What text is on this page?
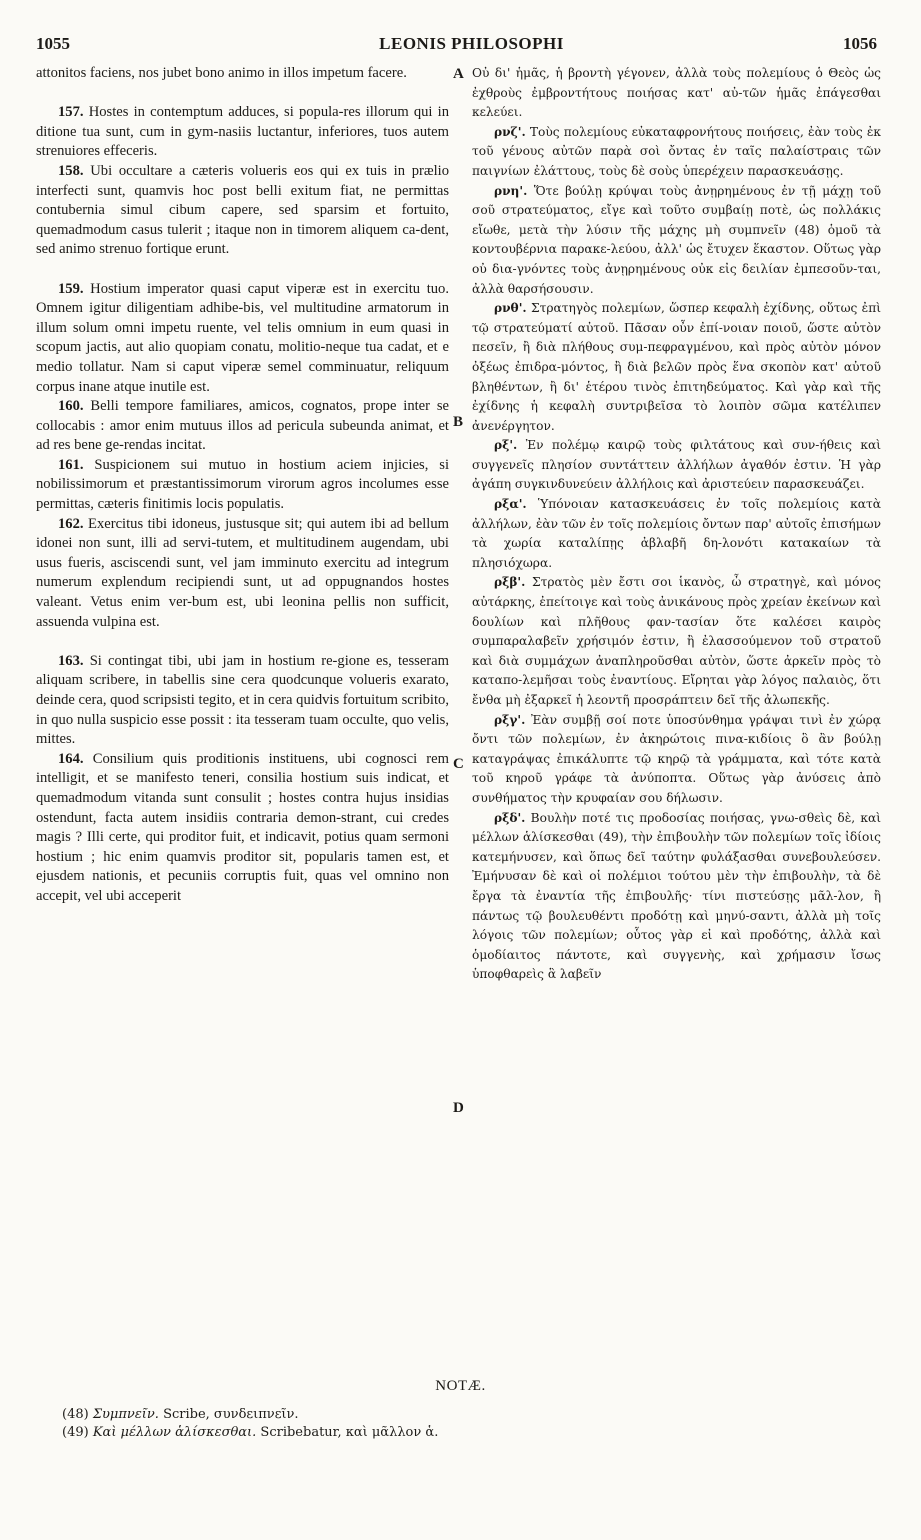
1055	LEONIS PHILOSOPHI	1056

attonitos faciens, nos jubet bono animo in illos impetum facere.

157. Hostes in contemptum adduces, si popula-res illorum qui in ditione tua sunt, cum in gym-nasiis luctantur, inferiores, tuos autem strenuiores effeceris.

158. Ubi occultare a cæteris volueris eos qui ex tuis in prælio interfecti sunt, quamvis hoc post belli exitum fiat, ne permittas contubernia simul cibum capere, sed sparsim et fortuito, quemadmodum casus tulerit ; itaque non in timorem aliquem ca-dent, sed animo strenuo fortique erunt.

159. Hostium imperator quasi caput viperæ est in exercitu tuo. Omnem igitur diligentiam adhibe-bis, vel multitudine armatorum in illum solum omni impetu ruente, vel telis omnium in eum quasi in scopum jactis, aut alio quopiam conatu, molitio-neque tua cadat, et e medio tollatur. Nam si caput viperæ semel comminuatur, reliquum corpus inane atque inutile est.

160. Belli tempore familiares, amicos, cognatos, prope inter se collocabis : amor enim mutuus illos ad pericula subeunda animat, et ad res bene ge-rendas incitat.

161. Suspicionem sui mutuo in hostium aciem injicies, si nobilissimorum et præstantissimorum virorum agros incolumes esse permittas, cæteris finitimis locis populatis.

162. Exercitus tibi idoneus, justusque sit; qui autem ibi ad bellum idonei non sunt, illi ad servi-tutem, et multitudinem augendam, ubi usus fueris, asciscendi sunt, vel jam imminuto exercitu ad integrum numerum explendum recipiendi sunt, ut ad oppugnandos hostes valeant. Vetus enim ver-bum est, ubi leonina pellis non sufficit, assuenda vulpina est.

163. Si contingat tibi, ubi jam in hostium re-gione es, tesseram aliquam scribere, in tabellis sine cera quodcunque volueris exarato, deinde cera, quod scripsisti tegito, et in cera quidvis fortuitum scribito, in quo nulla suspicio esse possit : ita tesseram tuam occulte, quo velis, mittes.

164. Consilium quis proditionis instituens, ubi cognosci rem intelligit, et se manifesto teneri, consilia hostium suis indicat, et quemadmodum vitanda sunt consulit ; hostes contra hujus insidias ostendunt, facta autem insidiis contraria demon-strant, cui credes magis ? Illi certe, qui proditor fuit, et indicavit, potius quam sermoni hostium ; hic enim quamvis proditor sit, popularis tamen est, et ejusdem nationis, et pecuniis corruptis fuit, quas vel omnino non accepit, vel ubi acceperit

A
B
C
D

Οὐ δι' ἡμᾶς, ἡ βροντὴ γέγονεν, ἀλλὰ τοὺς πολεμίους ὁ Θεὸς ὡς ἐχθροὺς ἐμβροντήτους ποιήσας κατ' αὐ-τῶν ἡμᾶς ἐπάγεσθαι κελεύει.

ρνζ'. Τοὺς πολεμίους εὐκαταφρονήτους ποιήσεις, ἐὰν τοὺς ἐκ τοῦ γένους αὐτῶν παρὰ σοὶ ὄντας ἐν ταῖς παλαίστραις τῶν παιγνίων ἐλάττους, τοὺς δὲ σοὺς ὑπερέχειν παρασκευάσῃς.

ρνη'. Ὅτε βούλῃ κρύψαι τοὺς ἀνῃρημένους ἐν τῇ μάχῃ τοῦ σοῦ στρατεύματος, εἴγε καὶ τοῦτο συμβαίῃ ποτὲ, ὡς πολλάκις εἴωθε, μετὰ τὴν λύσιν τῆς μάχης μὴ συμπνεῖν (48) ὁμοῦ τὰ κοντουβέρνια παρακε-λεύου, ἀλλ' ὡς ἔτυχεν ἕκαστον. Οὕτως γὰρ οὐ δια-γνόντες τοὺς ἀνῃρημένους οὐκ εἰς δειλίαν ἐμπεσοῦν-ται, ἀλλὰ θαρσήσουσιν.

ρνθ'. Στρατηγὸς πολεμίων, ὥσπερ κεφαλὴ ἐχίδνης, οὕτως ἐπὶ τῷ στρατεύματί αὐτοῦ. Πᾶσαν οὖν ἐπί-νοιαν ποιοῦ, ὥστε αὐτὸν πεσεῖν, ἢ διὰ πλήθους συμ-πεφραγμένου, καὶ πρὸς αὐτὸν μόνον ὀξέως ἐπιδρα-μόντος, ἢ διὰ βελῶν πρὸς ἕνα σκοπὸν κατ' αὐτοῦ βληθέντων, ἢ δι' ἑτέρου τινὸς ἐπιτηδεύματος. Καὶ γὰρ καὶ τῆς ἐχίδνης ἡ κεφαλὴ συντριβεῖσα τὸ λοιπὸν σῶμα κατέλιπεν ἀνενέργητον.

ρξ'. Ἐν πολέμῳ καιρῷ τοὺς φιλτάτους καὶ συν-ήθεις καὶ συγγενεῖς πλησίον συντάττειν ἀλλήλων ἀγαθόν ἐστιν. Ἡ γὰρ ἀγάπη συγκινδυνεύειν ἀλλήλοις καὶ ἀριστεύειν παρασκευάζει.

ρξα'. Ὑπόνοιαν κατασκευάσεις ἐν τοῖς πολεμίοις κατὰ ἀλλήλων, ἐὰν τῶν ἐν τοῖς πολεμίοις ὄντων παρ' αὐτοῖς ἐπισήμων τὰ χωρία καταλίπῃς ἀβλαβῆ δη-λονότι κατακαίων τὰ πλησιόχωρα.

ρξβ'. Στρατὸς μὲν ἔστι σοι ἱκανὸς, ὦ στρατηγὲ, καὶ μόνος αὐτάρκης, ἐπείτοιγε καὶ τοὺς ἀνικάνους πρὸς χρείαν ἐκείνων καὶ δουλίων καὶ πλῆθους φαν-τασίαν ὅτε καλέσει καιρὸς συμπαραλαβεῖν χρήσιμόν ἐστιν, ἢ ἐλασσούμενον τοῦ στρατοῦ καὶ διὰ συμμάχων ἀναπληροῦσθαι αὐτὸν, ὥστε ἀρκεῖν πρὸς τὸ καταπο-λεμῆσαι τοὺς ἐναντίους. Εἴρηται γὰρ λόγος παλαιὸς, ὅτι ἔνθα μὴ ἐξαρκεῖ ἡ λεοντῆ προσράπτειν δεῖ τῆς ἀλωπεκῆς.

ρξγ'. Ἐὰν συμβῇ σοί ποτε ὑποσύνθημα γράψαι τινὶ ἐν χώρᾳ ὄντι τῶν πολεμίων, ἐν ἀκηρώτοις πινα-κιδίοις ὃ ἂν βούλῃ καταγράψας ἐπικάλυπτε τῷ κηρῷ τὰ γράμματα, καὶ τότε κατὰ τοῦ κηροῦ γράφε τὰ ἀνύποπτα. Οὕτως γὰρ ἀνύσεις ἀπὸ συνθήματος τὴν κρυφαίαν σου δήλωσιν.

ρξδ'. Βουλὴν ποτέ τις προδοσίας ποιήσας, γνω-σθεὶς δὲ, καὶ μέλλων ἁλίσκεσθαι (49), τὴν ἐπιβουλὴν τῶν πολεμίων τοῖς ἰδίοις κατεμήνυσεν, καὶ ὅπως δεῖ ταύτην φυλάξασθαι συνεβουλεύσεν. Ἐμήνυσαν δὲ καὶ οἱ πολέμιοι τούτου μὲν τὴν ἐπιβουλὴν, τὰ δὲ ἔργα τὰ ἐναντία τῆς ἐπιβουλῆς· τίνι πιστεύσῃς μᾶλ-λον, ἢ πάντως τῷ βουλευθέντι προδότῃ καὶ μηνύ-σαντι, ἀλλὰ μὴ τοῖς λόγοις τῶν πολεμίων; οὗτος γὰρ εἰ καὶ προδότης, ἀλλὰ καὶ ὁμοδίαιτος πάντοτε, καὶ συγγενὴς, καὶ χρήμασιν ἴσως ὑποφθαρεὶς ἃ λαβεῖν

NOTÆ.

(48) Συμπνεῖν. Scribe, συνδειπνεῖν.

(49) Καὶ μέλλων ἁλίσκεσθαι. Scribebatur, καὶ μᾶλλον ἁ.
